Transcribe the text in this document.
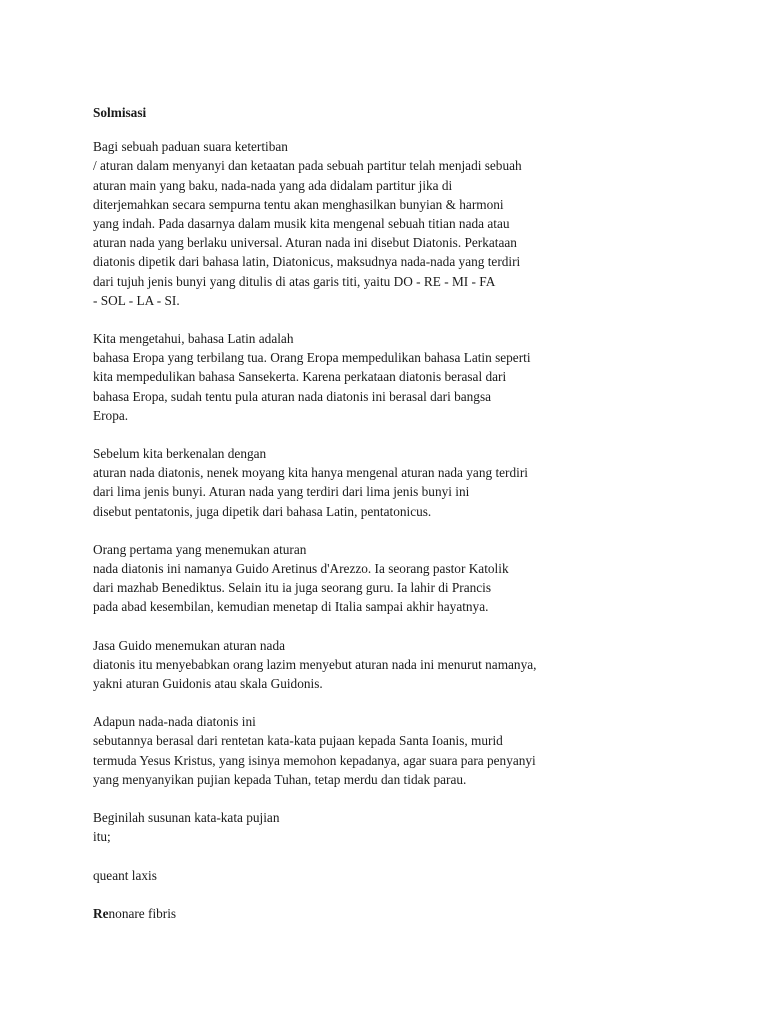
Solmisasi
Bagi sebuah paduan suara ketertiban
/ aturan dalam menyanyi dan ketaatan pada sebuah partitur telah menjadi sebuah
aturan main yang baku, nada-nada yang ada didalam partitur jika di
diterjemahkan secara sempurna tentu akan menghasilkan bunyian & harmoni
yang indah. Pada dasarnya dalam musik kita mengenal sebuah titian nada atau
aturan nada yang berlaku universal. Aturan nada ini disebut Diatonis. Perkataan
diatonis dipetik dari bahasa latin, Diatonicus, maksudnya nada-nada yang terdiri
dari tujuh jenis bunyi yang ditulis di atas garis titi, yaitu DO - RE - MI - FA
- SOL - LA - SI.
Kita mengetahui, bahasa Latin adalah
bahasa Eropa yang terbilang tua. Orang Eropa mempedulikan bahasa Latin seperti
kita mempedulikan bahasa Sansekerta. Karena perkataan diatonis berasal dari
bahasa Eropa, sudah tentu pula aturan nada diatonis ini berasal dari bangsa
Eropa.
Sebelum kita berkenalan dengan
aturan nada diatonis, nenek moyang kita hanya mengenal aturan nada yang terdiri
dari lima jenis bunyi. Aturan nada yang terdiri dari lima jenis bunyi ini
disebut pentatonis, juga dipetik dari bahasa Latin, pentatonicus.
Orang pertama yang menemukan aturan
nada diatonis ini namanya Guido Aretinus d'Arezzo. Ia seorang pastor Katolik
dari mazhab Benediktus. Selain itu ia juga seorang guru. Ia lahir di Prancis
pada abad kesembilan, kemudian menetap di Italia sampai akhir hayatnya.
Jasa Guido menemukan aturan nada
diatonis itu menyebabkan orang lazim menyebut aturan nada ini menurut namanya,
yakni aturan Guidonis atau skala Guidonis.
Adapun nada-nada diatonis ini
sebutannya berasal dari rentetan kata-kata pujaan kepada Santa Ioanis, murid
termuda Yesus Kristus, yang isinya memohon kepadanya, agar suara para penyanyi
yang menyanyikan pujian kepada Tuhan, tetap merdu dan tidak parau.
Beginilah susunan kata-kata pujian
itu;
queant laxis
Renonare fibris
